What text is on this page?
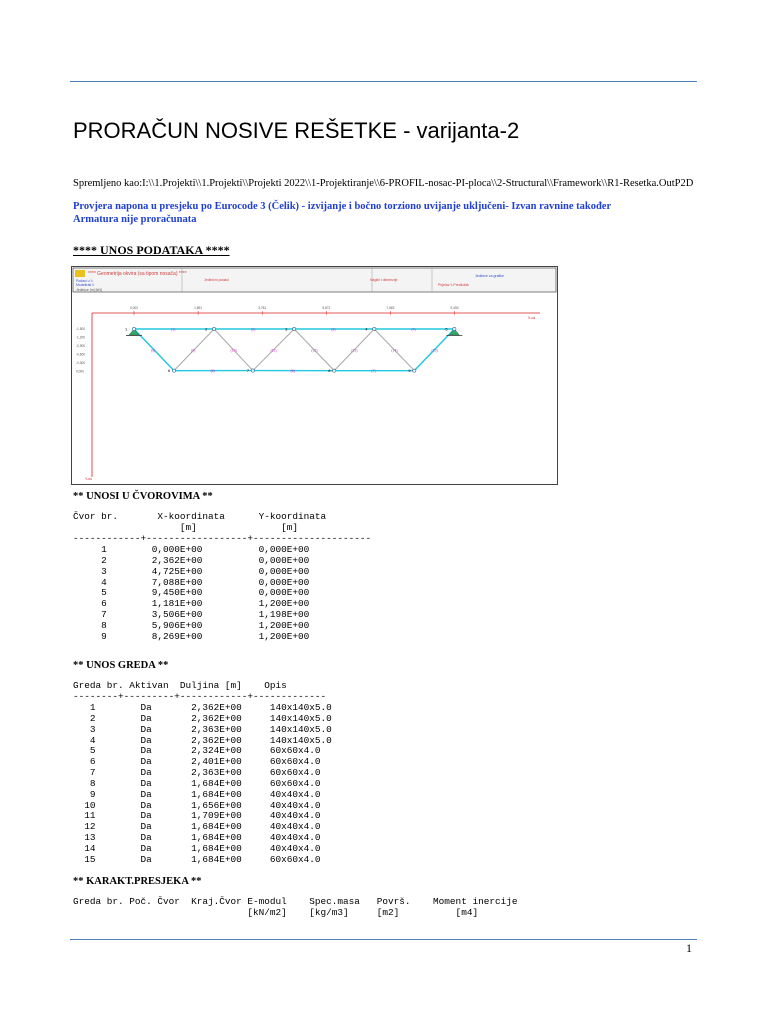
PRORAČUN NOSIVE REŠETKE - varijanta-2
Spremljeno kao:I:\\1.Projekti\\1.Projekti\\Projekti 2022\\1-Projektiranje\\6-PROFIL-nosac-PI-ploca\\2-Structural\\Framework\\R1-Resetka.OutP2D
Provjera napona u presjeku po Eurocode 3 (Čelik) - izvijanje i bočno torziono uvijanje uključeni- Izvan ravnine također
Armatura nije proračunata
**** UNOS PODATAKA ****
**** Geometrija okvira (sa tipom nosača) ****
Podaci u \\
Modelirati \\
Jedinice [m] [kN]
Jedinični podaci	Nagibi i dimenzije
Jedinice za grafike
Prijelaz \\ Predložak
X-os
Y-os
0,000	1,891	3,781	5,672	7,563	9,450
-1,500
-1,200
-0,900
-0,600
-0,300
0,000
1	2	3	4	5
6	7	8	9
(1)	(2)	(3)	(4)
(5)	(6)	(7)
(8)	(9)	(10)	(11)	(12)	(13)	(14)	(15)
** UNOSI U ČVOROVIMA **
Čvor br.       X-koordinata      Y-koordinata
[m]               [m]
------------+------------------+---------------------
1        0,000E+00          0,000E+00
2        2,362E+00          0,000E+00
3        4,725E+00          0,000E+00
4        7,088E+00          0,000E+00
5        9,450E+00          0,000E+00
6        1,181E+00          1,200E+00
7        3,506E+00          1,198E+00
8        5,906E+00          1,200E+00
9        8,269E+00          1,200E+00
** UNOS GREDA **
Greda br. Aktivan  Duljina [m]    Opis
--------+---------+------------+-------------
1        Da       2,362E+00     140x140x5.0
2        Da       2,362E+00     140x140x5.0
3        Da       2,363E+00     140x140x5.0
4        Da       2,362E+00     140x140x5.0
5        Da       2,324E+00     60x60x4.0
6        Da       2,401E+00     60x60x4.0
7        Da       2,363E+00     60x60x4.0
8        Da       1,684E+00     60x60x4.0
9        Da       1,684E+00     40x40x4.0
10        Da       1,656E+00     40x40x4.0
11        Da       1,709E+00     40x40x4.0
12        Da       1,684E+00     40x40x4.0
13        Da       1,684E+00     40x40x4.0
14        Da       1,684E+00     40x40x4.0
15        Da       1,684E+00     60x60x4.0
** KARAKT.PRESJEKA **
Greda br. Poč. Čvor  Kraj.Čvor E-modul    Spec.masa   Površ.    Moment inercije
[kN/m2]    [kg/m3]     [m2]          [m4]
1
